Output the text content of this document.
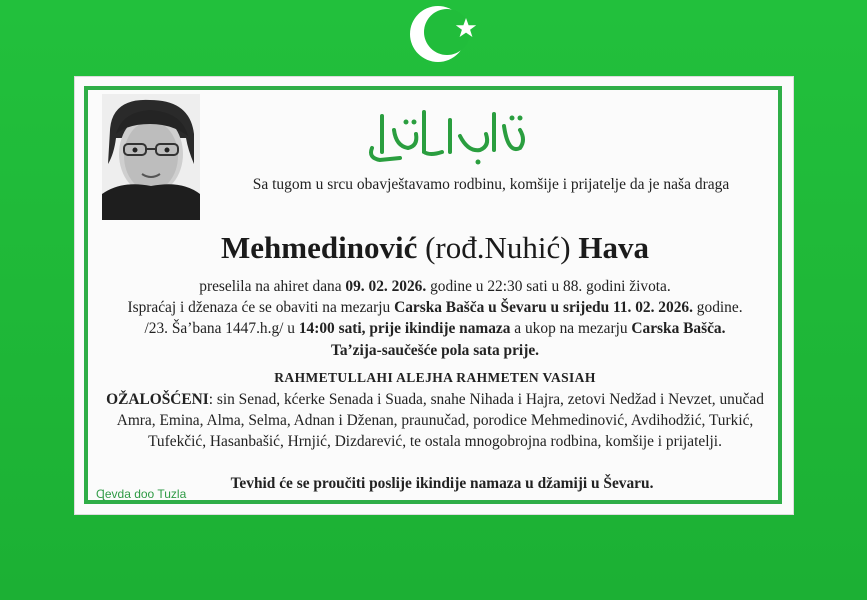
Sa tugom u srcu obavještavamo rodbinu, komšije i prijatelje da je naša draga
Mehmedinović (rođ.Nuhić) Hava
preselila na ahiret dana 09. 02. 2026. godine u 22:30 sati u 88. godini života.
Ispraćaj i dženaza će se obaviti na mezarju Carska Bašča u Ševaru u srijedu 11. 02. 2026. godine.
/23. Ša’bana 1447.h.g/ u 14:00 sati, prije ikindije namaza a ukop na mezarju Carska Bašča.
Ta’zija-saučešće pola sata prije.
RAHMETULLAHI ALEJHA RAHMETEN VASIAH
OŽALOŠĆENI: sin Senad, kćerke Senada i Suada, snahe Nihada i Hajra, zetovi Nedžad i Nevzet, unučad Amra, Emina, Alma, Selma, Adnan i Dženan, praunučad, porodice Mehmedinović, Avdihodžić, Turkić, Tufekčić, Hasanbašić, Hrnjić, Dizdarević, te ostala mnogobrojna rodbina, komšije i prijatelji.
Tevhid će se proučiti poslije ikindije namaza u džamiji u Ševaru.
Ɋevda doo Tuzla
